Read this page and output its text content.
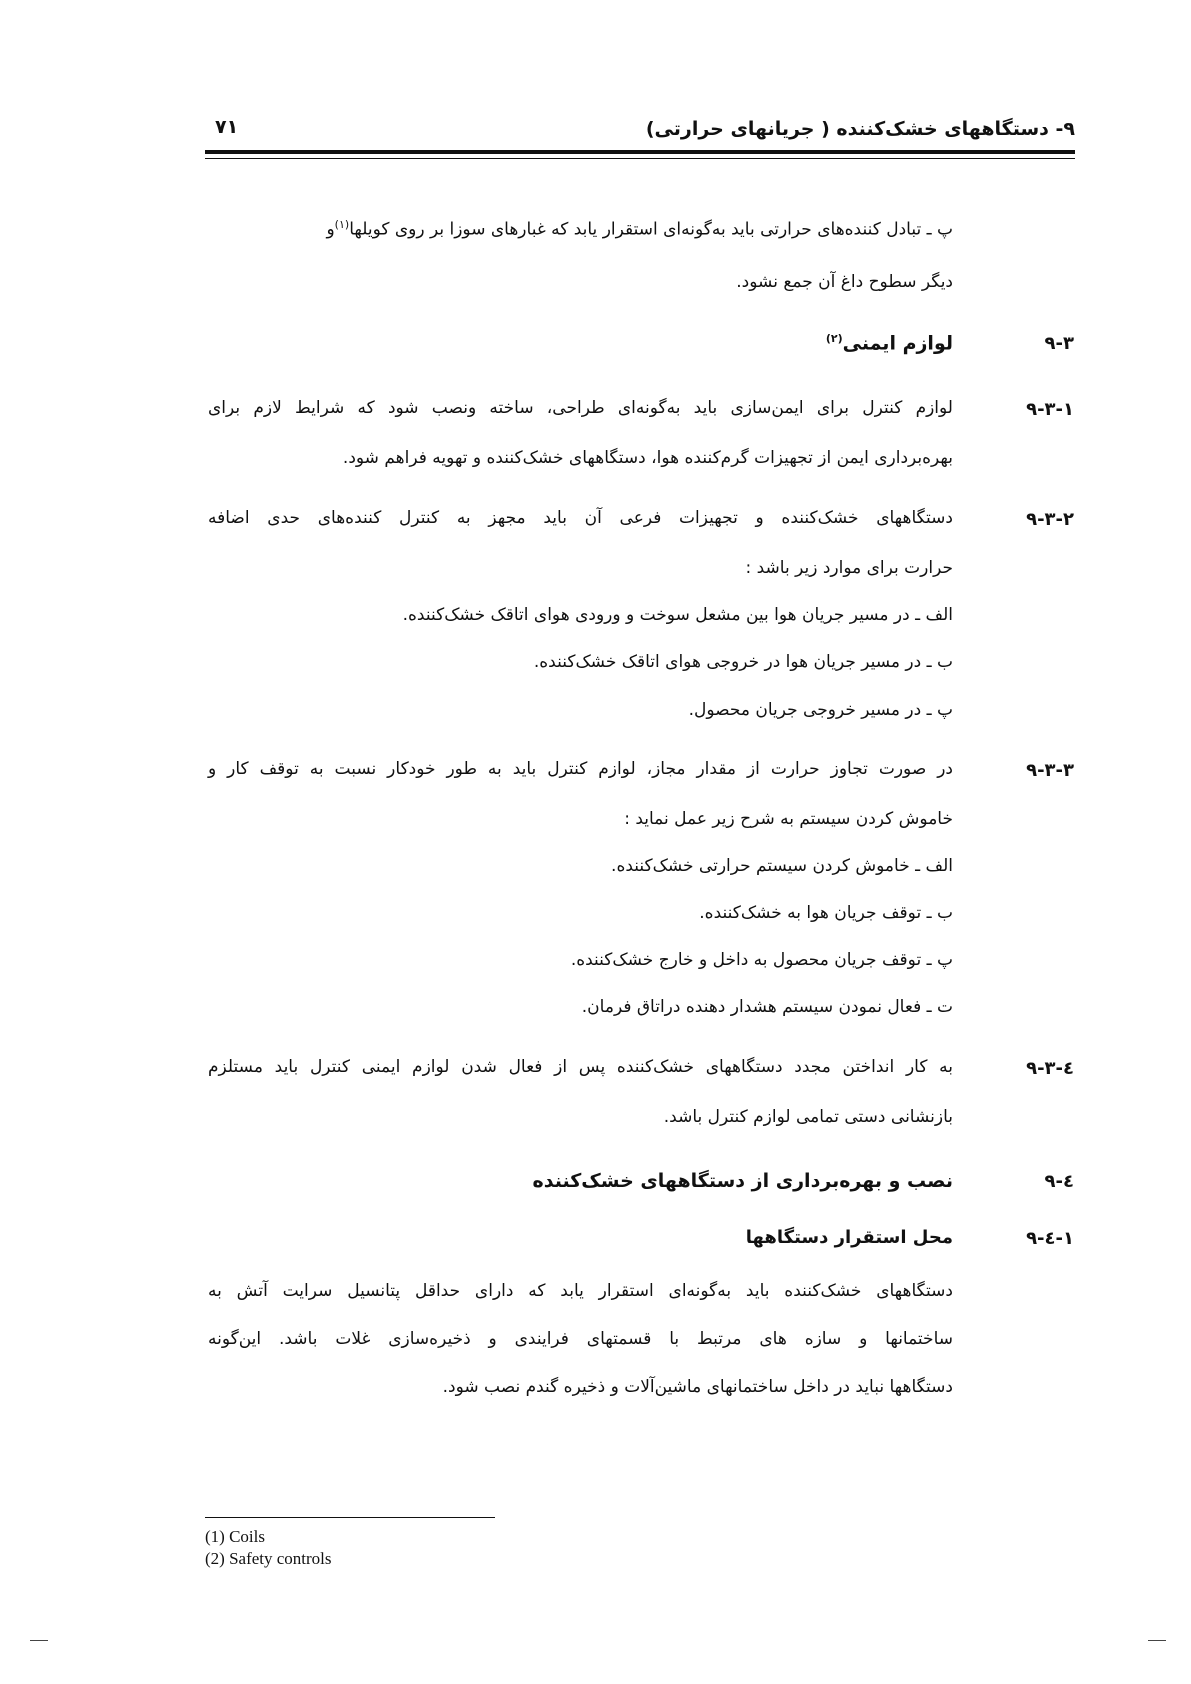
۹- دستگاههای خشک‌کننده ( جریانهای حرارتی)
۷۱
پ ـ تبادل کننده‌های حرارتی باید به‌گونه‌ای استقرار یابد که غبارهای سوزا بر روی کویلها$^{(۱)}$و
دیگر سطوح داغ آن جمع نشود.
۹-۳
لوازم ایمنی$^{(۲)}$
۹-۳-۱
لوازم کنترل برای ایمن‌سازی باید به‌گونه‌ای طراحی، ساخته ونصب شود که شرایط لازم برای
بهره‌برداری ایمن از تجهیزات گرم‌کننده هوا، دستگاههای خشک‌کننده و تهویه فراهم شود.
۹-۳-۲
دستگاههای خشک‌کننده و تجهیزات فرعی آن باید مجهز به کنترل کننده‌های حدی اضافه
حرارت برای موارد زیر باشد :
الف ـ در مسیر جریان هوا بین مشعل سوخت و ورودی هوای اتاقک خشک‌کننده.
ب ـ در مسیر جریان هوا در خروجی هوای اتاقک خشک‌کننده.
پ ـ در مسیر خروجی جریان محصول.
۹-۳-۳
در صورت تجاوز حرارت از مقدار مجاز، لوازم کنترل باید به طور خودکار نسبت به توقف کار و
خاموش کردن سیستم به شرح زیر عمل نماید :
الف ـ خاموش کردن سیستم حرارتی خشک‌کننده.
ب ـ توقف جریان هوا به خشک‌کننده.
پ ـ توقف جریان محصول به داخل و خارج خشک‌کننده.
ت ـ فعال نمودن سیستم هشدار دهنده دراتاق فرمان.
۹-۳-٤
به کار انداختن مجدد دستگاههای خشک‌کننده پس از فعال شدن لوازم ایمنی کنترل باید مستلزم
بازنشانی دستی تمامی لوازم کنترل باشد.
۹-٤
نصب و بهره‌برداری از دستگاههای خشک‌کننده
۹-٤-۱
محل استقرار دستگاهها
دستگاههای خشک‌کننده باید به‌گونه‌ای استقرار یابد که دارای حداقل پتانسیل سرایت آتش به
ساختمانها و سازه های مرتبط با قسمتهای فرایندی و ذخیره‌سازی غلات باشد. این‌گونه
دستگاهها نباید در داخل ساختمانهای ماشین‌آلات و ذخیره گندم نصب شود.
(1) Coils
(2) Safety controls
